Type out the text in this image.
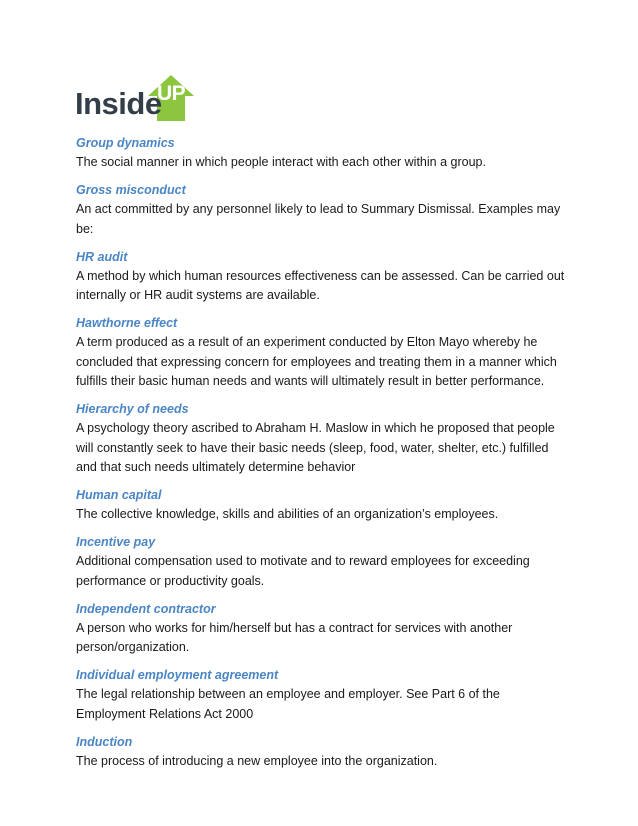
UP
Inside
Group dynamics
The social manner in which people interact with each other within a group.
Gross misconduct
An act committed by any personnel likely to lead to Summary Dismissal. Examples may be:
HR audit
A method by which human resources effectiveness can be assessed. Can be carried out internally or HR audit systems are available.
Hawthorne effect
A term produced as a result of an experiment conducted by Elton Mayo whereby he concluded that expressing concern for employees and treating them in a manner which fulfills their basic human needs and wants will ultimately result in better performance.
Hierarchy of needs
A psychology theory ascribed to Abraham H. Maslow in which he proposed that people will constantly seek to have their basic needs (sleep, food, water, shelter, etc.) fulfilled and that such needs ultimately determine behavior
Human capital
The collective knowledge, skills and abilities of an organization’s employees.
Incentive pay
Additional compensation used to motivate and to reward employees for exceeding performance or productivity goals.
Independent contractor
A person who works for him/herself but has a contract for services with another person/organization.
Individual employment agreement
The legal relationship between an employee and employer. See Part 6 of the Employment Relations Act 2000
Induction
The process of introducing a new employee into the organization.
